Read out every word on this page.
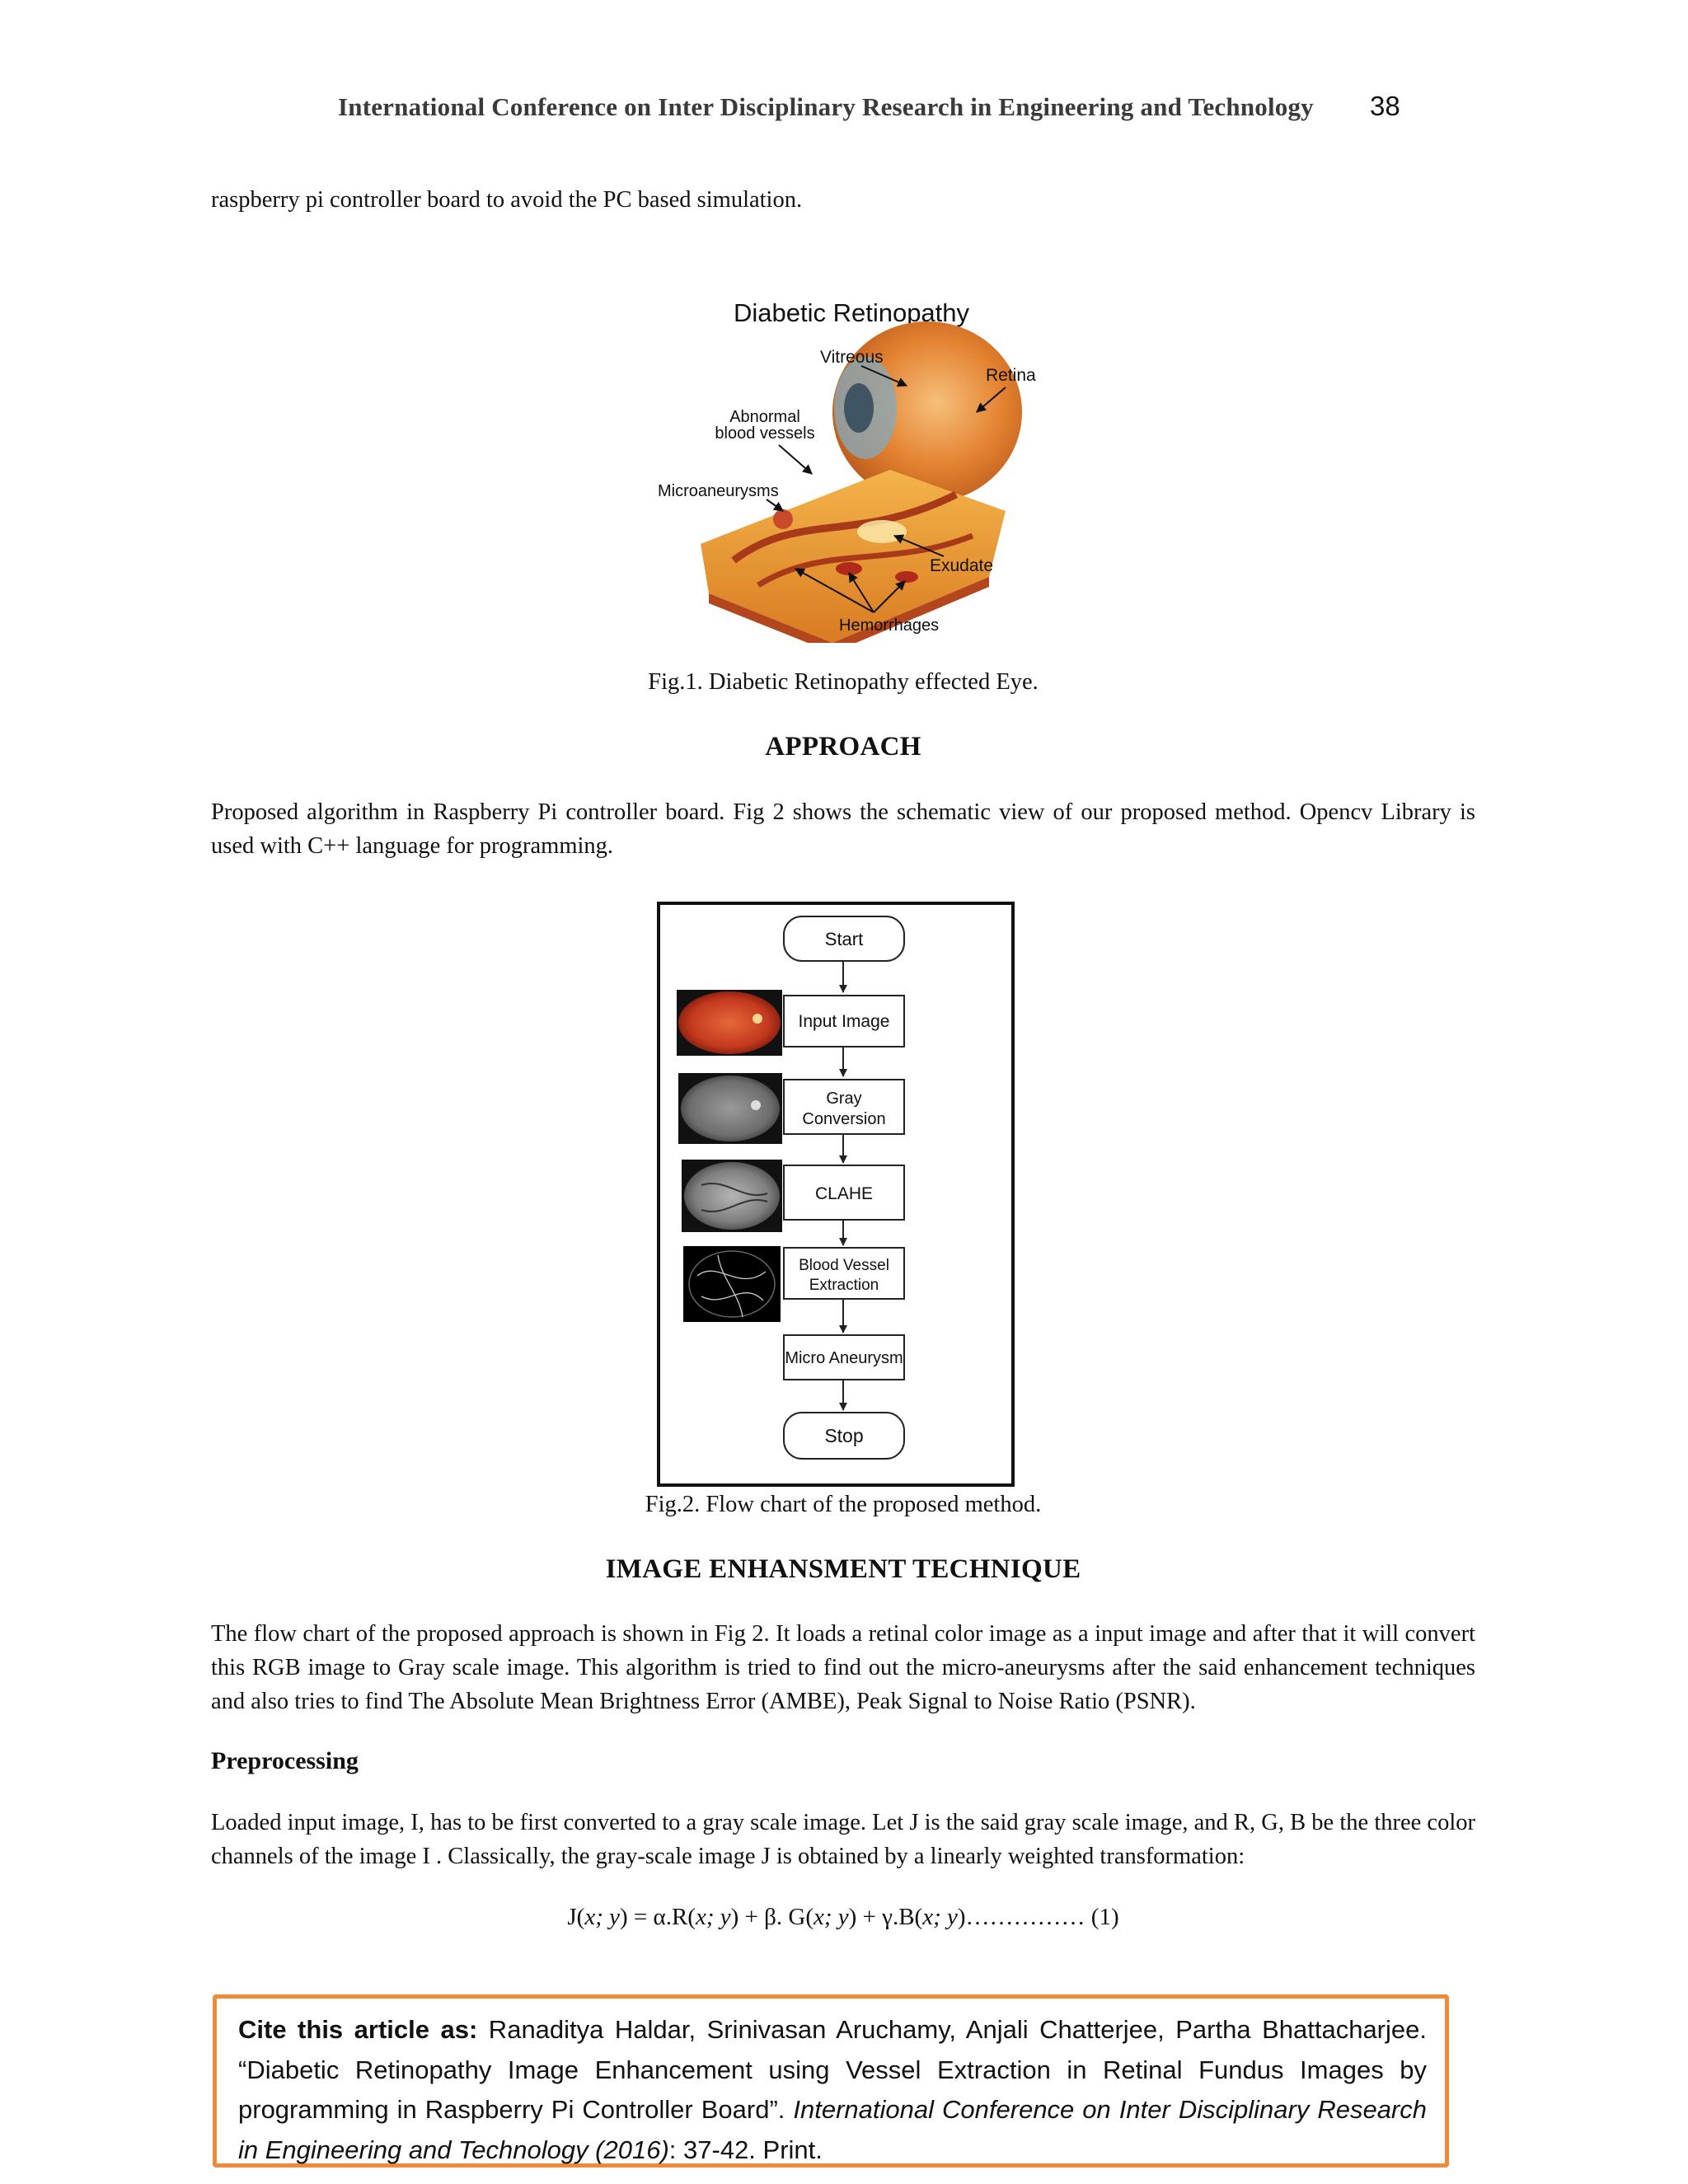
International Conference on Inter Disciplinary Research in Engineering and Technology 38
raspberry pi controller board to avoid the PC based simulation.
Diabetic Retinopathy
Vitreous
Retina
Abnormal
blood vessels
Microaneurysms
Exudate
Hemorrhages
Fig.1. Diabetic Retinopathy effected Eye.
APPROACH
Proposed algorithm in Raspberry Pi controller board. Fig 2 shows the schematic view of our proposed method. Opencv Library is used with C++ language for programming.
Start
Input Image
Gray
Conversion
CLAHE
Blood Vessel
Extraction
Micro Aneurysm
Stop
Fig.2. Flow chart of the proposed method.
IMAGE ENHANSMENT TECHNIQUE
The flow chart of the proposed approach is shown in Fig 2. It loads a retinal color image as a input image and after that it will convert this RGB image to Gray scale image. This algorithm is tried to find out the micro-aneurysms after the said enhancement techniques and also tries to find The Absolute Mean Brightness Error (AMBE), Peak Signal to Noise Ratio (PSNR).
Preprocessing
Loaded input image, I, has to be first converted to a gray scale image. Let J is the said gray scale image, and R, G, B be the three color channels of the image I . Classically, the gray-scale image J is obtained by a linearly weighted transformation:
J(x; y) = α.R(x; y) + β. G(x; y) + γ.B(x; y)…………… (1)
Cite this article as: Ranaditya Haldar, Srinivasan Aruchamy, Anjali Chatterjee, Partha Bhattacharjee. “Diabetic Retinopathy Image Enhancement using Vessel Extraction in Retinal Fundus Images by programming in Raspberry Pi Controller Board”. International Conference on Inter Disciplinary Research in Engineering and Technology (2016): 37-42. Print.
